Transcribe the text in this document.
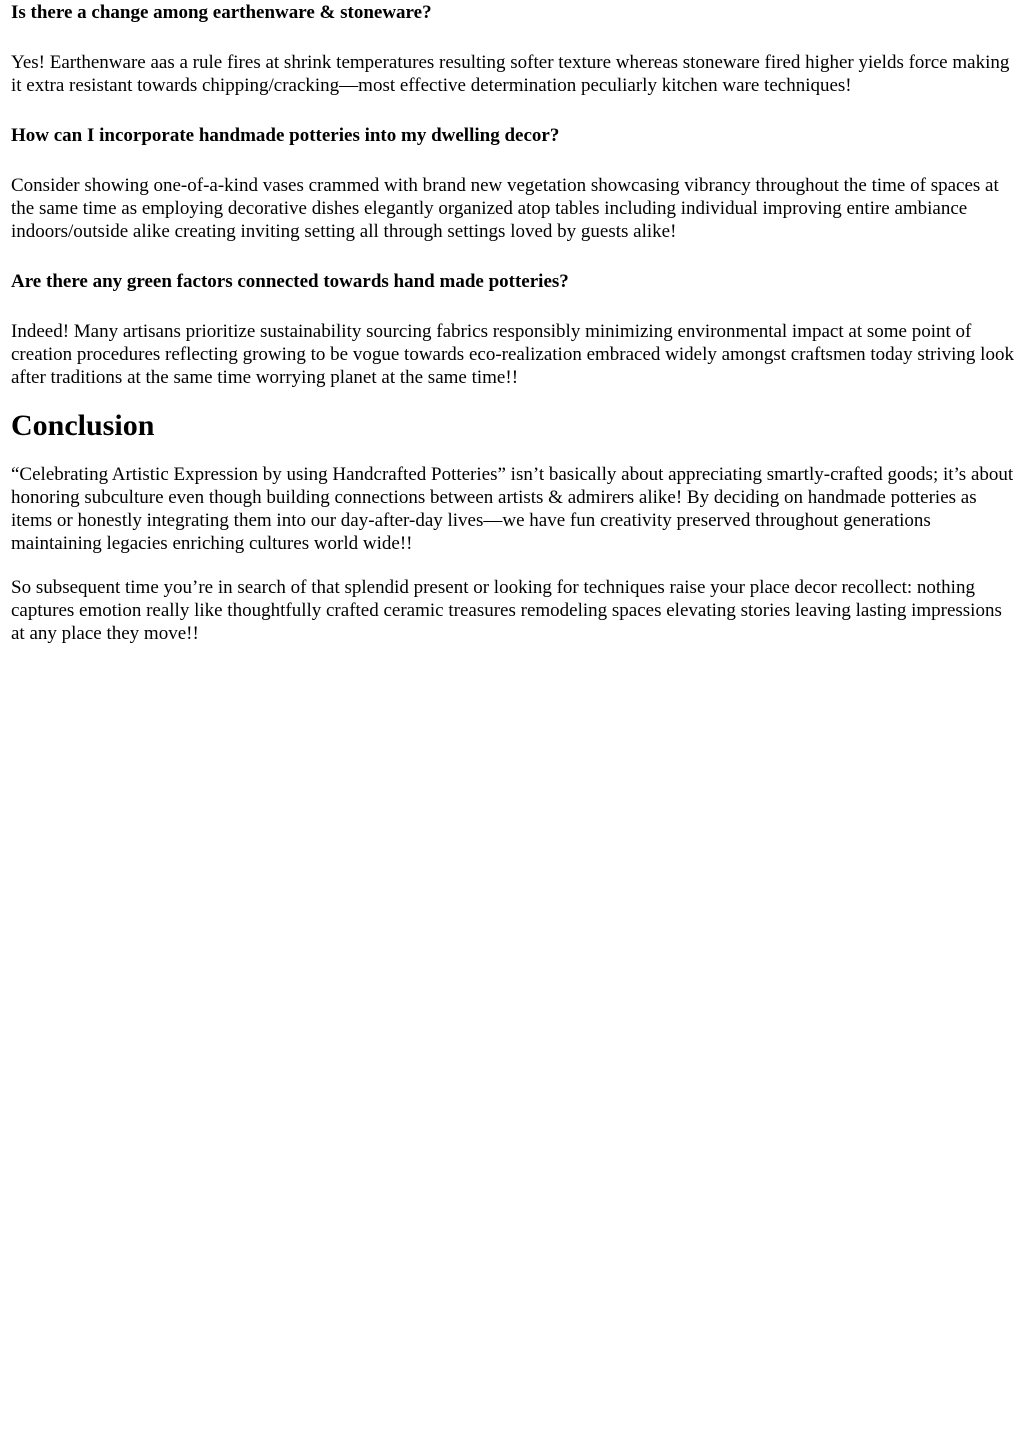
Is there a change among earthenware & stoneware?

Yes! Earthenware aas a rule fires at shrink temperatures resulting softer texture whereas stoneware fired higher yields force making it extra resistant towards chipping/cracking—most effective determination peculiarly kitchen ware techniques!

How can I incorporate handmade potteries into my dwelling decor?

Consider showing one-of-a-kind vases crammed with brand new vegetation showcasing vibrancy throughout the time of spaces at the same time as employing decorative dishes elegantly organized atop tables including individual improving entire ambiance indoors/outside alike creating inviting setting all through settings loved by guests alike!

Are there any green factors connected towards hand made potteries?

Indeed! Many artisans prioritize sustainability sourcing fabrics responsibly minimizing environmental impact at some point of creation procedures reflecting growing to be vogue towards eco-realization embraced widely amongst craftsmen today striving look after traditions at the same time worrying planet at the same time!!

Conclusion

“Celebrating Artistic Expression by using Handcrafted Potteries” isn’t basically about appreciating smartly-crafted goods; it’s about honoring subculture even though building connections between artists & admirers alike! By deciding on handmade potteries as items or honestly integrating them into our day-after-day lives—we have fun creativity preserved throughout generations maintaining legacies enriching cultures world wide!!

So subsequent time you’re in search of that splendid present or looking for techniques raise your place decor recollect: nothing captures emotion really like thoughtfully crafted ceramic treasures remodeling spaces elevating stories leaving lasting impressions at any place they move!!
